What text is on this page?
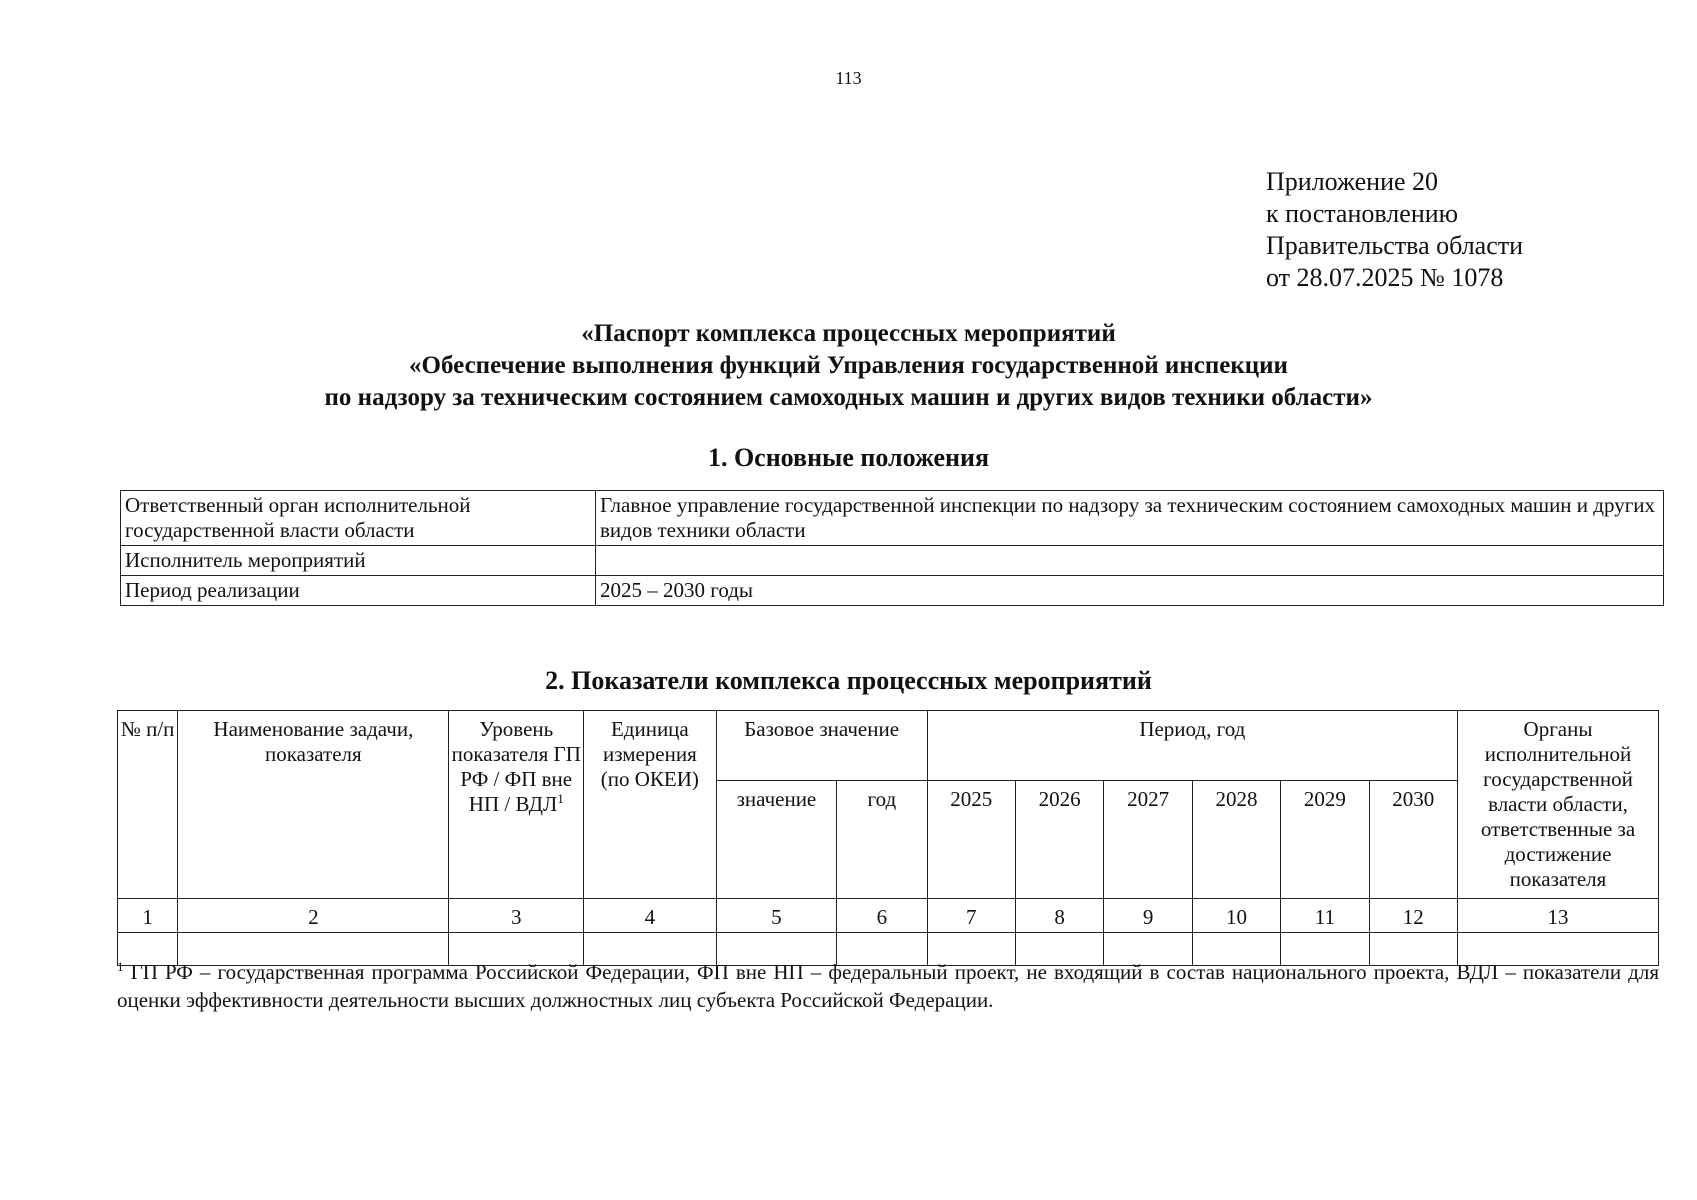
113
Приложение 20
к постановлению
Правительства области
от 28.07.2025 № 1078
«Паспорт комплекса процессных мероприятий
«Обеспечение выполнения функций Управления государственной инспекции
по надзору за техническим состоянием самоходных машин и других видов техники области»
1. Основные положения
Ответственный орган исполнительной государственной власти области	Главное управление государственной инспекции по надзору за техническим состоянием самоходных машин и других видов техники области
Исполнитель мероприятий	
Период реализации	2025 – 2030 годы
2. Показатели комплекса процессных мероприятий
№ п/п	Наименование задачи, показателя	Уровень показателя ГП РФ / ФП вне НП / ВДЛ$^1$	Единица измерения (по ОКЕИ)	Базовое значение		Период, год						Органы исполнительной государственной власти области, ответственные за достижение показателя
				значение	год	2025	2026	2027	2028	2029	2030	
1	2	3	4	5	6	7	8	9	10	11	12	13

$^1$ ГП РФ – государственная программа Российской Федерации, ФП вне НП – федеральный проект, не входящий в состав национального проекта, ВДЛ – показатели для оценки эффективности деятельности высших должностных лиц субъекта Российской Федерации.
